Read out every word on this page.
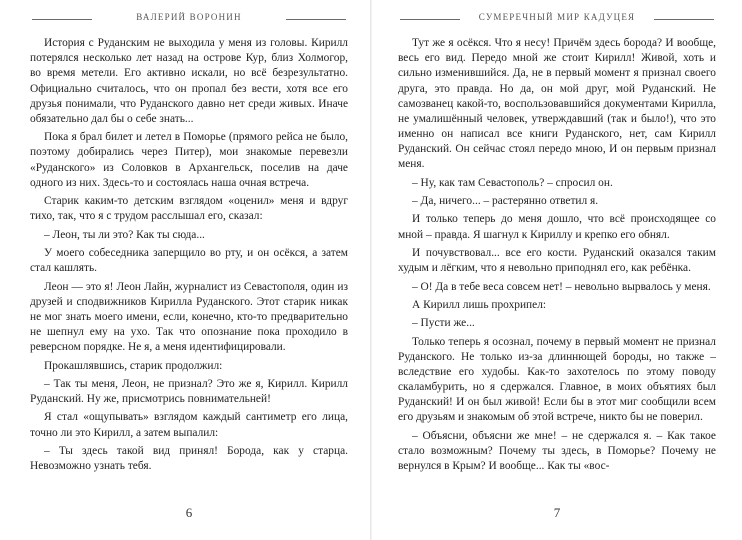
ВАЛЕРИЙ ВОРОНИН

История с Руданским не выходила у меня из головы. Кирилл потерялся несколько лет назад на острове Кур, близ Холмогор, во время метели. Его активно искали, но всё безрезультатно. Официально считалось, что он пропал без вести, хотя все его друзья понимали, что Руданского давно нет среди живых. Иначе обязательно дал бы о себе знать...

Пока я брал билет и летел в Поморье (прямого рейса не было, поэтому добирались через Питер), мои знакомые перевезли «Руданского» из Соловков в Архангельск, поселив на даче одного из них. Здесь-то и состоялась наша очная встреча.

Старик каким-то детским взглядом «оценил» меня и вдруг тихо, так, что я с трудом расслышал его, сказал:

– Леон, ты ли это? Как ты сюда...

У моего собеседника заперщило во рту, и он осёкся, а затем стал кашлять.

Леон — это я! Леон Лайн, журналист из Севастополя, один из друзей и сподвижников Кирилла Руданского. Этот старик никак не мог знать моего имени, если, конечно, кто-то предварительно не шепнул ему на ухо. Так что опознание пока проходило в реверсном порядке. Не я, а меня идентифицировали.

Прокашлявшись, старик продолжил:

– Так ты меня, Леон, не признал? Это же я, Кирилл. Кирилл Руданский. Ну же, присмотрись повнимательней!

Я стал «ощупывать» взглядом каждый сантиметр его лица, точно ли это Кирилл, а затем выпалил:

– Ты здесь такой вид принял! Борода, как у старца. Невозможно узнать тебя.

6
СУМЕРЕЧНЫЙ МИР КАДУЦЕЯ

Тут же я осёкся. Что я несу! Причём здесь борода? И вообще, весь его вид. Передо мной же стоит Кирилл! Живой, хоть и сильно изменившийся. Да, не в первый момент я признал своего друга, это правда. Но да, он мой друг, мой Руданский. Не самозванец какой-то, воспользовавшийся документами Кирилла, не умалишённый человек, утверждавший (так и было!), что это именно он написал все книги Руданского, нет, сам Кирилл Руданский. Он сейчас стоял передо мною, И он первым признал меня.

– Ну, как там Севастополь? – спросил он.

– Да, ничего... – растерянно ответил я.

И только теперь до меня дошло, что всё происходящее со мной – правда. Я шагнул к Кириллу и крепко его обнял.

И почувствовал... все его кости. Руданский оказался таким худым и лёгким, что я невольно приподнял его, как ребёнка.

– О! Да в тебе веса совсем нет! – невольно вырвалось у меня.

А Кирилл лишь прохрипел:

– Пусти же...

Только теперь я осознал, почему в первый момент не признал Руданского. Не только из-за длиннющей бороды, но также – вследствие его худобы. Как-то захотелось по этому поводу скаламбурить, но я сдержался. Главное, в моих объятиях был Руданский! И он был живой! Если бы в этот миг сообщили всем его друзьям и знакомым об этой встрече, никто бы не поверил.

– Объясни, объясни же мне! – не сдержался я. – Как такое стало возможным? Почему ты здесь, в Поморье? Почему не вернулся в Крым? И вообще... Как ты «вос-

7
